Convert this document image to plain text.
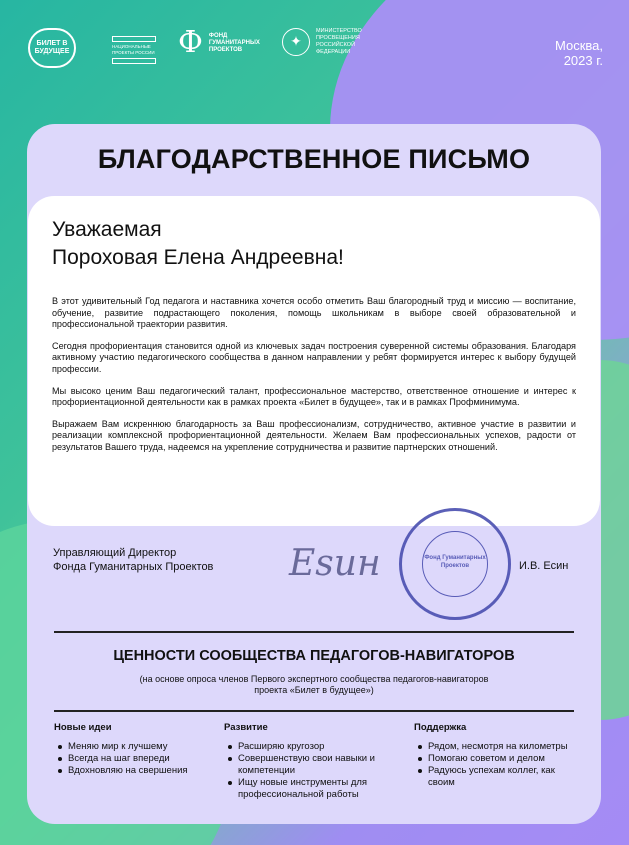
БИЛЕТ В БУДУЩЕЕ
НАЦИОНАЛЬНЫЕ ПРОЕКТЫ РОССИИ Ф ФОНД ГУМАНИТАРНЫХ ПРОЕКТОВ
✦
МИНИСТЕРСТВО ПРОСВЕЩЕНИЯ РОССИЙСКОЙ ФЕДЕРАЦИИ	Москва,
2023 г.
БЛАГОДАРСТВЕННОЕ ПИСЬМО
Уважаемая
Пороховая Елена Андреевна!

В этот удивительный Год педагога и наставника хочется особо отметить Ваш благородный труд и миссию — воспитание, обучение, развитие подрастающего поколения, помощь школьникам в выборе своей образовательной и профессиональной траектории развития.

Сегодня профориентация становится одной из ключевых задач построения суверенной системы образования. Благодаря активному участию педагогического сообщества в данном направлении у ребят формируется интерес к выбору будущей профессии.

Мы высоко ценим Ваш педагогический талант, профессиональное мастерство, ответственное отношение и интерес к профориентационной деятельности как в рамках проекта «Билет в будущее», так и в рамках Профминимума.

Выражаем Вам искреннюю благодарность за Ваш профессионализм, сотрудничество, активное участие в развитии и реализации комплексной профориентационной деятельности. Желаем Вам профессиональных успехов, радости от результатов Вашего труда, надеемся на укрепление сотрудничества и развитие партнерских отношений.

Управляющий Директор
Фонда Гуманитарных Проектов Еѕин	Фонд Гуманитарных Проектов	И.В. Есин
ЦЕННОСТИ СООБЩЕСТВА ПЕДАГОГОВ-НАВИГАТОРОВ
(на основе опроса членов Первого экспертного сообщества педагогов-навигаторов
проекта «Билет в будущее»)
Новые идеи
Меняю мир к лучшему
Всегда на шаг впереди
Вдохновляю на свершения
Развитие
Расширяю кругозор
Совершенствую свои навыки и компетенции
Ищу новые инструменты для профессиональной работы
Поддержка
Рядом, несмотря на километры
Помогаю советом и делом
Радуюсь успехам коллег, как своим
